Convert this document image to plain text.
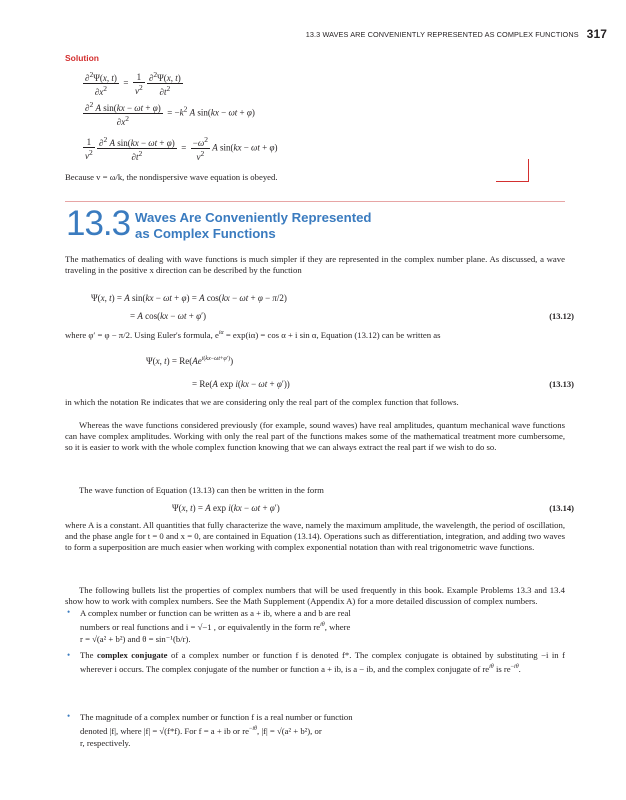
13.3 WAVES ARE CONVENIENTLY REPRESENTED AS COMPLEX FUNCTIONS 317
Solution
$\frac{\partial^2\Psi(x, t)}{\partial x^2} = \frac{1}{v^2}$
$\frac{\partial^2\Psi(x, t)}{\partial t^2}$
$\frac{\partial^2 A \sin(kx - \omega t + \varphi)}{\partial x^2} = -k^2$ A sin(kx − ωt + φ)
$\frac{1}{v^2}$
$\frac{\partial^2 A \sin(kx - \omega t + \varphi)}{\partial t^2} = \frac{-\omega^2}{v^2}$ A sin(kx − ωt + φ)
Because v = ω/k, the nondispersive wave equation is obeyed.
13.3 Waves Are Conveniently Represented
as Complex Functions
The mathematics of dealing with wave functions is much simpler if they are represented in the complex number plane. As discussed, a wave traveling in the positive x direction can be described by the function
Ψ(x, t) = A sin(kx − ωt + φ) = A cos(kx − ωt + φ − π/2)
= A cos(kx − ωt + φ′)	(13.12)
where φ′ = φ − π/2. Using Euler's formula, $e^{i\alpha} = \exp(i\alpha) = \cos \alpha + i$ sin α, Equation (13.12) can be written as
Ψ(x, $t) = Re(Ae^{i(kx-\omega t+\varphi')})$
= Re(A exp i(kx − ωt + φ′))	(13.13)
in which the notation Re indicates that we are considering only the real part of the complex function that follows.
Whereas the wave functions considered previously (for example, sound waves) have real amplitudes, quantum mechanical wave functions can have complex amplitudes. Working with only the real part of the functions makes some of the mathematical treatment more cumbersome, so it is easier to work with the whole complex function knowing that we can always extract the real part if we wish to do so.
The wave function of Equation (13.13) can then be written in the form
Ψ(x, t) = A exp i(kx − ωt + φ′)	(13.14)
where A is a constant. All quantities that fully characterize the wave, namely the maximum amplitude, the wavelength, the period of oscillation, and the phase angle for t = 0 and x = 0, are contained in Equation (13.14). Operations such as differentiation, integration, and adding two waves to form a superposition are much easier when working with complex exponential notation than with real trigonometric wave functions.
The following bullets list the properties of complex numbers that will be used frequently in this book. Example Problems 13.3 and 13.4 show how to work with complex numbers. See the Math Supplement (Appendix A) for a more detailed discussion of complex numbers.
• A complex number or function can be written as a + ib, where a and b are real
numbers or real functions and i = √−1 , or equivalently in the form $re^{i\theta}$, where
r = √(a² + b²) and θ = sin⁻¹(b/r).
• The complex conjugate of a complex number or function f is denoted f*. The complex conjugate is obtained by substituting −i in f wherever i occurs. The complex conjugate of the number or function a + ib, is a − ib, and the complex conjugate of $re^{i\theta}$ is $re^{-i\theta}$.
• The magnitude of a complex number or function f is a real number or function
denoted |f|, where |f| = √(f*f). For f = a + ib or $re^{-i\theta}$, |f| = √(a² + b²), or
r, respectively.
